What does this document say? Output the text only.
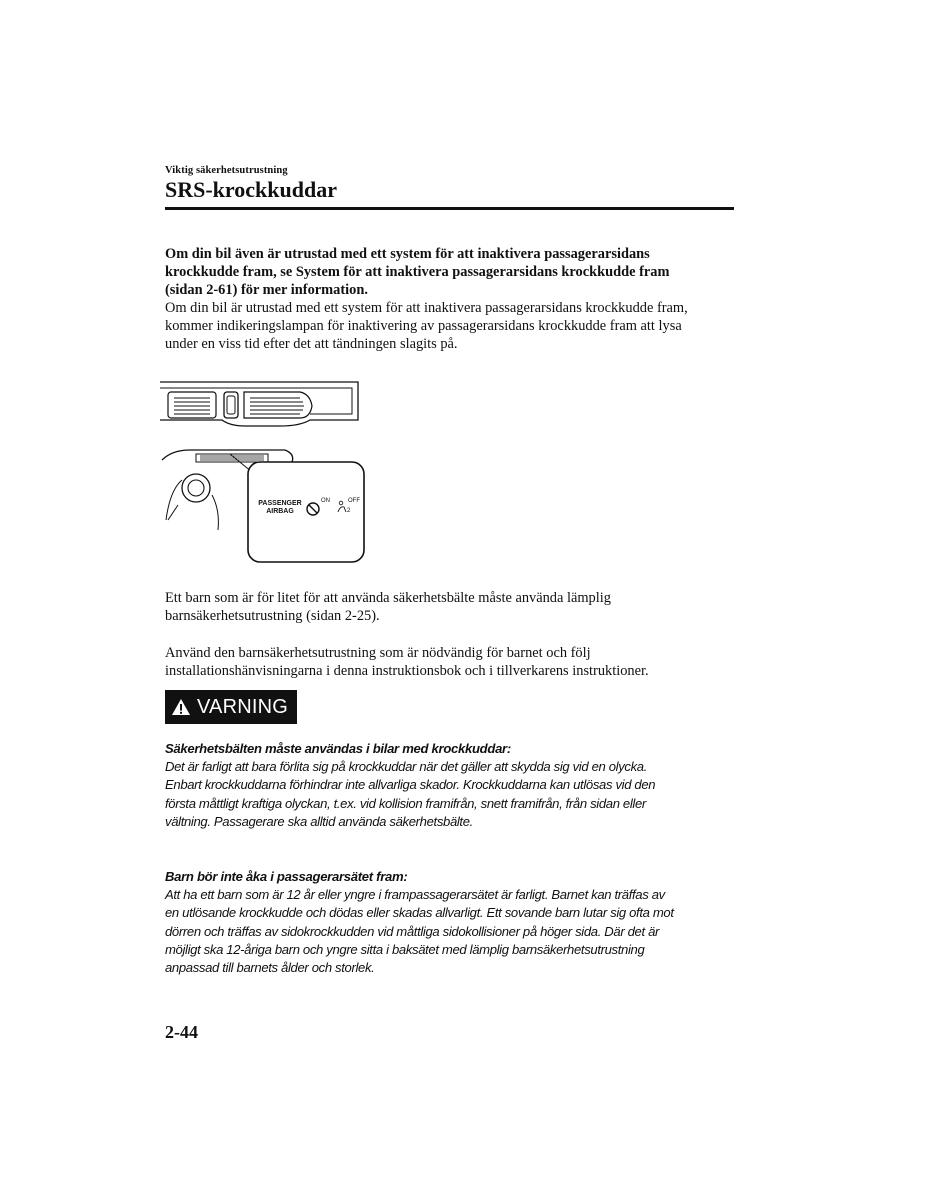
Viktig säkerhetsutrustning
SRS-krockkuddar

Om din bil även är utrustad med ett system för att inaktivera passagerarsidans
krockkudde fram, se System för att inaktivera passagerarsidans krockkudde fram
(sidan 2-61) för mer information.

Om din bil är utrustad med ett system för att inaktivera passagerarsidans krockkudde fram,
kommer indikeringslampan för inaktivering av passagerarsidans krockkudde fram att lysa
under en viss tid efter det att tändningen slagits på.

PASSENGER
AIRBAG
ON	OFF
2

Ett barn som är för litet för att använda säkerhetsbälte måste använda lämplig
barnsäkerhetsutrustning (sidan 2-25).

Använd den barnsäkerhetsutrustning som är nödvändig för barnet och följ
installationshänvisningarna i denna instruktionsbok och i tillverkarens instruktioner.

VARNING
Säkerhetsbälten måste användas i bilar med krockkuddar:
Det är farligt att bara förlita sig på krockkuddar när det gäller att skydda sig vid en olycka.
Enbart krockkuddarna förhindrar inte allvarliga skador. Krockkuddarna kan utlösas vid den
första måttligt kraftiga olyckan, t.ex. vid kollision framifrån, snett framifrån, från sidan eller
vältning. Passagerare ska alltid använda säkerhetsbälte.
Barn bör inte åka i passagerarsätet fram:
Att ha ett barn som är 12 år eller yngre i frampassagerarsätet är farligt. Barnet kan träffas av
en utlösande krockkudde och dödas eller skadas allvarligt. Ett sovande barn lutar sig ofta mot
dörren och träffas av sidokrockkudden vid måttliga sidokollisioner på höger sida. Där det är
möjligt ska 12-åriga barn och yngre sitta i baksätet med lämplig barnsäkerhetsutrustning
anpassad till barnets ålder och storlek.
2-44
